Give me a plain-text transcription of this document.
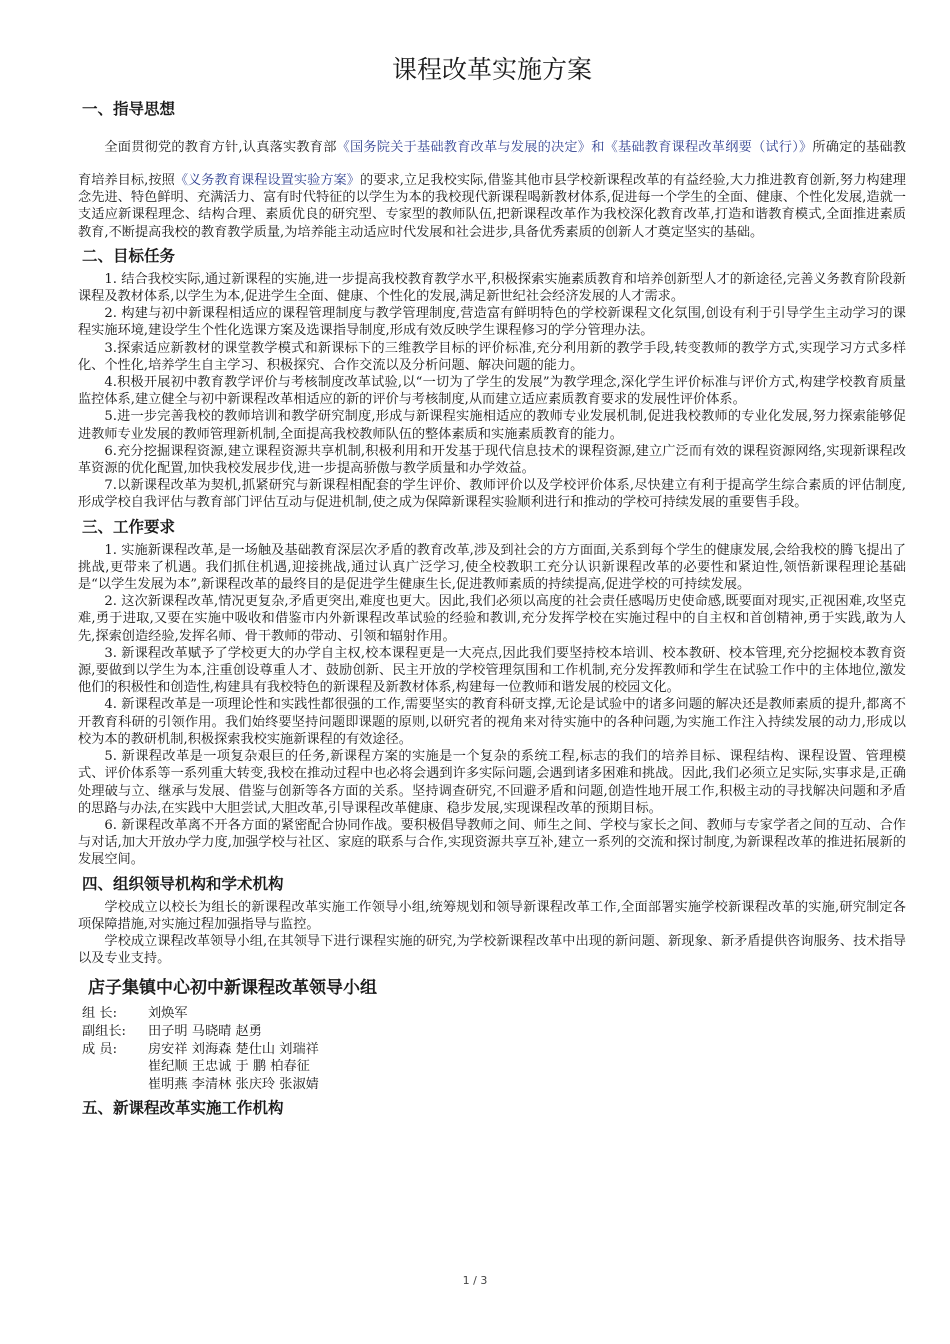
课程改革实施方案
一、指导思想

全面贯彻党的教育方针,认真落实教育部《国务院关于基础教育改革与发展的决定》和《基础教育课程改革纲要（试行）》所确定的基础教育培养目标,按照《义务教育课程设置实验方案》的要求,立足我校实际,借鉴其他市县学校新课程改革的有益经验,大力推进教育创新,努力构建理念先进、特色鲜明、充满活力、富有时代特征的以学生为本的我校现代新课程喝新教材体系,促进每一个学生的全面、健康、个性化发展,造就一支适应新课程理念、结构合理、素质优良的研究型、专家型的教师队伍,把新课程改革作为我校深化教育改革,打造和谐教育模式,全面推进素质教育,不断提高我校的教育教学质量,为培养能主动适应时代发展和社会进步,具备优秀素质的创新人才奠定坚实的基础。

二、目标任务

1. 结合我校实际,通过新课程的实施,进一步提高我校教育教学水平,积极探索实施素质教育和培养创新型人才的新途径,完善义务教育阶段新课程及教材体系,以学生为本,促进学生全面、健康、个性化的发展,满足新世纪社会经济发展的人才需求。

2. 构建与初中新课程相适应的课程管理制度与教学管理制度,营造富有鲜明特色的学校新课程文化氛围,创设有利于引导学生主动学习的课程实施环境,建设学生个性化选课方案及选课指导制度,形成有效反映学生课程修习的学分管理办法。

3.探索适应新教材的课堂教学模式和新课标下的三维教学目标的评价标准,充分利用新的教学手段,转变教师的教学方式,实现学习方式多样化、个性化,培养学生自主学习、积极探究、合作交流以及分析问题、解决问题的能力。

4.积极开展初中教育教学评价与考核制度改革试验,以“一切为了学生的发展”为教学理念,深化学生评价标准与评价方式,构建学校教育质量监控体系,建立健全与初中新课程改革相适应的新的评价与考核制度,从而建立适应素质教育要求的发展性评价体系。

5.进一步完善我校的教师培训和教学研究制度,形成与新课程实施相适应的教师专业发展机制,促进我校教师的专业化发展,努力探索能够促进教师专业发展的教师管理新机制,全面提高我校教师队伍的整体素质和实施素质教育的能力。

6.充分挖掘课程资源,建立课程资源共享机制,积极利用和开发基于现代信息技术的课程资源,建立广泛而有效的课程资源网络,实现新课程改革资源的优化配置,加快我校发展步伐,进一步提高骄傲与教学质量和办学效益。

7.以新课程改革为契机,抓紧研究与新课程相配套的学生评价、教师评价以及学校评价体系,尽快建立有利于提高学生综合素质的评估制度,形成学校自我评估与教育部门评估互动与促进机制,使之成为保障新课程实验顺利进行和推动的学校可持续发展的重要售手段。

三、工作要求

1. 实施新课程改革,是一场触及基础教育深层次矛盾的教育改革,涉及到社会的方方面面,关系到每个学生的健康发展,会给我校的腾飞提出了挑战,更带来了机遇。我们抓住机遇,迎接挑战,通过认真广泛学习,使全校教职工充分认识新课程改革的必要性和紧迫性,领悟新课程理论基础是“以学生发展为本”,新课程改革的最终目的是促进学生健康生长,促进教师素质的持续提高,促进学校的可持续发展。

2. 这次新课程改革,情况更复杂,矛盾更突出,难度也更大。因此,我们必须以高度的社会责任感喝历史使命感,既要面对现实,正视困难,攻坚克难,勇于进取,又要在实施中吸收和借鉴市内外新课程改革试验的经验和教训,充分发挥学校在实施过程中的自主权和首创精神,勇于实践,敢为人先,探索创造经验,发挥名师、骨干教师的带动、引领和辐射作用。

3. 新课程改革赋予了学校更大的办学自主权,校本课程更是一大亮点,因此我们要坚持校本培训、校本教研、校本管理,充分挖掘校本教育资源,要做到以学生为本,注重创设尊重人才、鼓励创新、民主开放的学校管理氛围和工作机制,充分发挥教师和学生在试验工作中的主体地位,激发他们的积极性和创造性,构建具有我校特色的新课程及新教材体系,构建每一位教师和谐发展的校园文化。

4. 新课程改革是一项理论性和实践性都很强的工作,需要坚实的教育科研支撑,无论是试验中的诸多问题的解决还是教师素质的提升,都离不开教育科研的引领作用。我们始终要坚持问题即课题的原则,以研究者的视角来对待实施中的各种问题,为实施工作注入持续发展的动力,形成以校为本的教研机制,积极探索我校实施新课程的有效途径。

5. 新课程改革是一项复杂艰巨的任务,新课程方案的实施是一个复杂的系统工程,标志的我们的培养目标、课程结构、课程设置、管理模式、评价体系等一系列重大转变,我校在推动过程中也必将会遇到许多实际问题,会遇到诸多困难和挑战。因此,我们必须立足实际,实事求是,正确处理破与立、继承与发展、借鉴与创新等各方面的关系。坚持调查研究,不回避矛盾和问题,创造性地开展工作,积极主动的寻找解决问题和矛盾的思路与办法,在实践中大胆尝试,大胆改革,引导课程改革健康、稳步发展,实现课程改革的预期目标。

6. 新课程改革离不开各方面的紧密配合协同作战。要积极倡导教师之间、师生之间、学校与家长之间、教师与专家学者之间的互动、合作与对话,加大开放办学力度,加强学校与社区、家庭的联系与合作,实现资源共享互补,建立一系列的交流和探讨制度,为新课程改革的推进拓展新的发展空间。

四、组织领导机构和学术机构

学校成立以校长为组长的新课程改革实施工作领导小组,统筹规划和领导新课程改革工作,全面部署实施学校新课程改革的实施,研究制定各项保障措施,对实施过程加强指导与监控。

学校成立课程改革领导小组,在其领导下进行课程实施的研究,为学校新课程改革中出现的新问题、新现象、新矛盾提供咨询服务、技术指导以及专业支持。

店子集镇中心初中新课程改革领导小组
组 长:	刘焕军
副组长:	田子明 马晓晴 赵勇
成 员:	房安祥 刘海森 楚仕山 刘瑞祥
崔纪顺 王忠诚 于 鹏 柏春征
崔明燕 李清林 张庆玲 张淑婧
五、新课程改革实施工作机构
1 / 3
